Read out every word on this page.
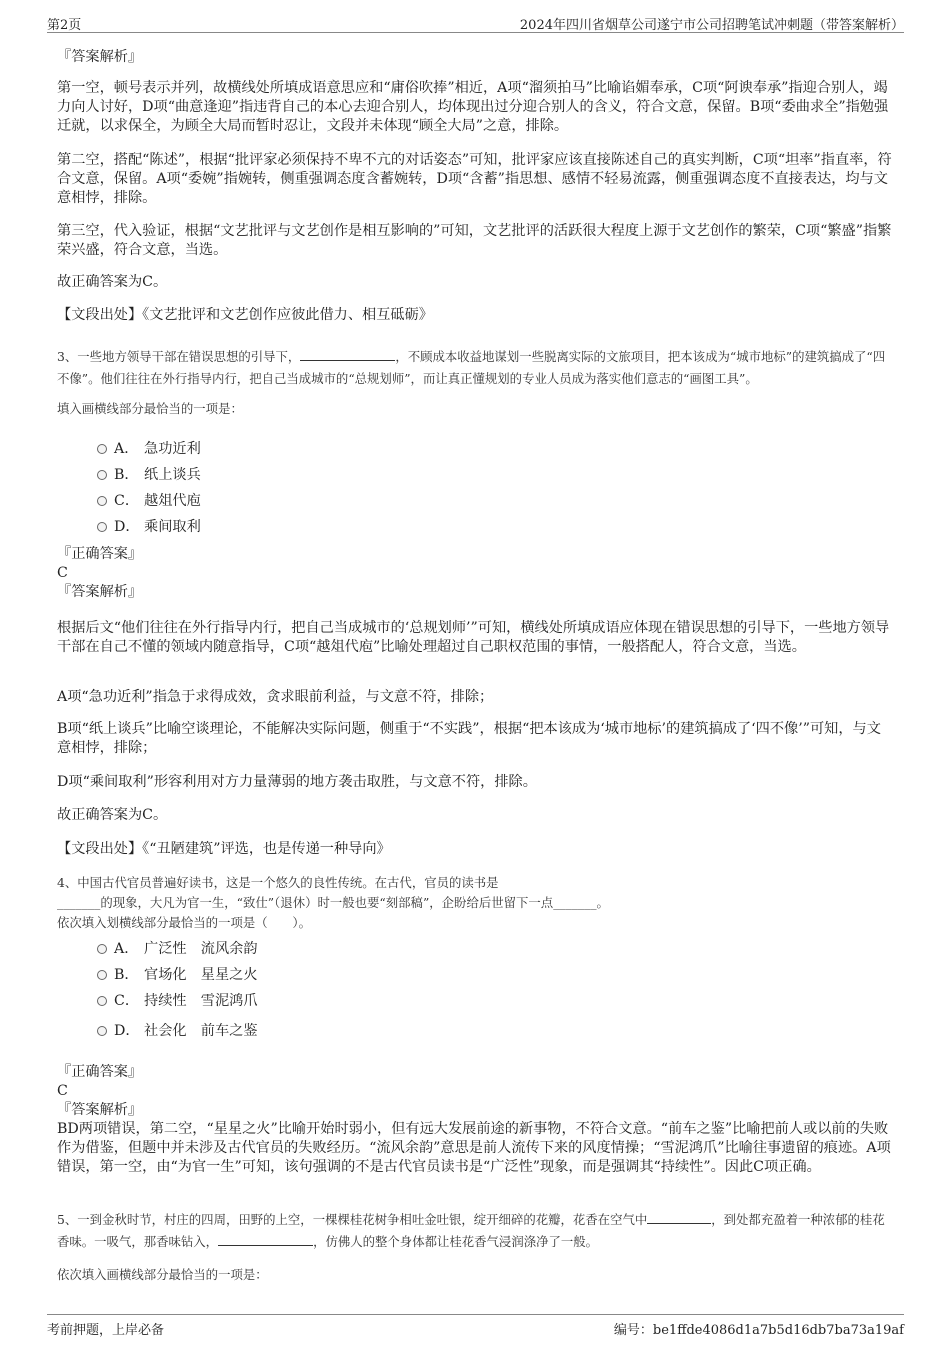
第2页	2024年四川省烟草公司遂宁市公司招聘笔试冲刺题（带答案解析）

『答案解析』

第一空，顿号表示并列，故横线处所填成语意思应和“庸俗吹捧”相近，A项“溜须拍马”比喻谄媚奉承，C项“阿谀奉承”指迎合别人，竭力向人讨好，D项“曲意逢迎”指违背自己的本心去迎合别人，均体现出过分迎合别人的含义，符合文意，保留。B项“委曲求全”指勉强迁就，以求保全，为顾全大局而暂时忍让，文段并未体现“顾全大局”之意，排除。

第二空，搭配“陈述”，根据“批评家必须保持不卑不亢的对话姿态”可知，批评家应该直接陈述自己的真实判断，C项“坦率”指直率，符合文意，保留。A项“委婉”指婉转，侧重强调态度含蓄婉转，D项“含蓄”指思想、感情不轻易流露，侧重强调态度不直接表达，均与文意相悖，排除。

第三空，代入验证，根据“文艺批评与文艺创作是相互影响的”可知，文艺批评的活跃很大程度上源于文艺创作的繁荣，C项“繁盛”指繁荣兴盛，符合文意，当选。

故正确答案为C。

【文段出处】《文艺批评和文艺创作应彼此借力、相互砥砺》

3、一些地方领导干部在错误思想的引导下，	，不顾成本收益地谋划一些脱离实际的文旅项目，把本该成为“城市地标”的建筑搞成了“四不像”。他们往往在外行指导内行，把自己当成城市的“总规划师”，而让真正懂规划的专业人员成为落实他们意志的“画图工具”。

填入画横线部分最恰当的一项是：

A． 急功近利
B． 纸上谈兵
C． 越俎代庖
D． 乘间取利

『正确答案』

C

『答案解析』

根据后文“他们往往在外行指导内行，把自己当成城市的‘总规划师’”可知，横线处所填成语应体现在错误思想的引导下，一些地方领导干部在自己不懂的领域内随意指导，C项“越俎代庖”比喻处理超过自己职权范围的事情，一般搭配人，符合文意，当选。

A项“急功近利”指急于求得成效，贪求眼前利益，与文意不符，排除；

B项“纸上谈兵”比喻空谈理论，不能解决实际问题，侧重于“不实践”，根据“把本该成为‘城市地标’的建筑搞成了‘四不像’”可知，与文意相悖，排除；

D项“乘间取利”形容利用对方力量薄弱的地方袭击取胜，与文意不符，排除。

故正确答案为C。

【文段出处】《“丑陋建筑”评选，也是传递一种导向》

4、中国古代官员普遍好读书，这是一个悠久的良性传统。在古代，官员的读书是

_______的现象，大凡为官一生，“致仕”（退休）时一般也要“刻部稿”，企盼给后世留下一点_______。

依次填入划横线部分最恰当的一项是（　　）。

A． 广泛性　流风余韵
B． 官场化　星星之火
C． 持续性　雪泥鸿爪
D． 社会化　前车之鉴

『正确答案』

C

『答案解析』

BD两项错误，第二空，“星星之火”比喻开始时弱小，但有远大发展前途的新事物，不符合文意。“前车之鉴”比喻把前人或以前的失败作为借鉴，但题中并未涉及古代官员的失败经历。“流风余韵”意思是前人流传下来的风度情操；“雪泥鸿爪”比喻往事遗留的痕迹。A项错误，第一空，由“为官一生”可知，该句强调的不是古代官员读书是“广泛性”现象，而是强调其“持续性”。因此C项正确。

5、一到金秋时节，村庄的四周，田野的上空，一棵棵桂花树争相吐金吐银，绽开细碎的花瓣，花香在空气中	，到处都充盈着一种浓郁的桂花香味。一吸气，那香味钻入，	，仿佛人的整个身体都让桂花香气浸润涤净了一般。

依次填入画横线部分最恰当的一项是：

考前押题，上岸必备	编号：be1ffde4086d1a7b5d16db7ba73a19af
